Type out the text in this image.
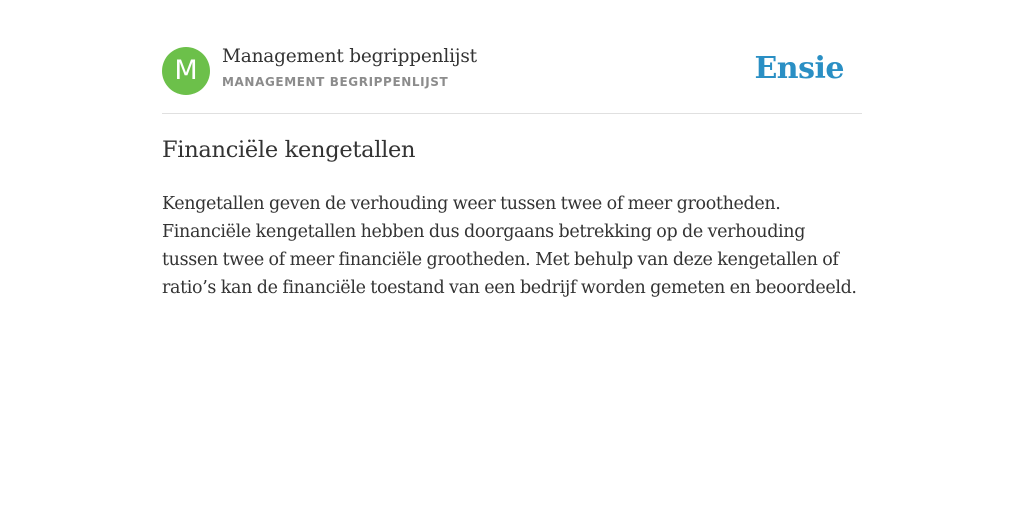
M	Management begrippenlijst
MANAGEMENT BEGRIPPENLIJST	Ensie
Financiële kengetallen

Kengetallen geven de verhouding weer tussen twee of meer grootheden. Financiële kengetallen hebben dus doorgaans betrekking op de verhouding tussen twee of meer financiële grootheden. Met behulp van deze kengetallen of ratio’s kan de financiële toestand van een bedrijf worden gemeten en beoordeeld.
